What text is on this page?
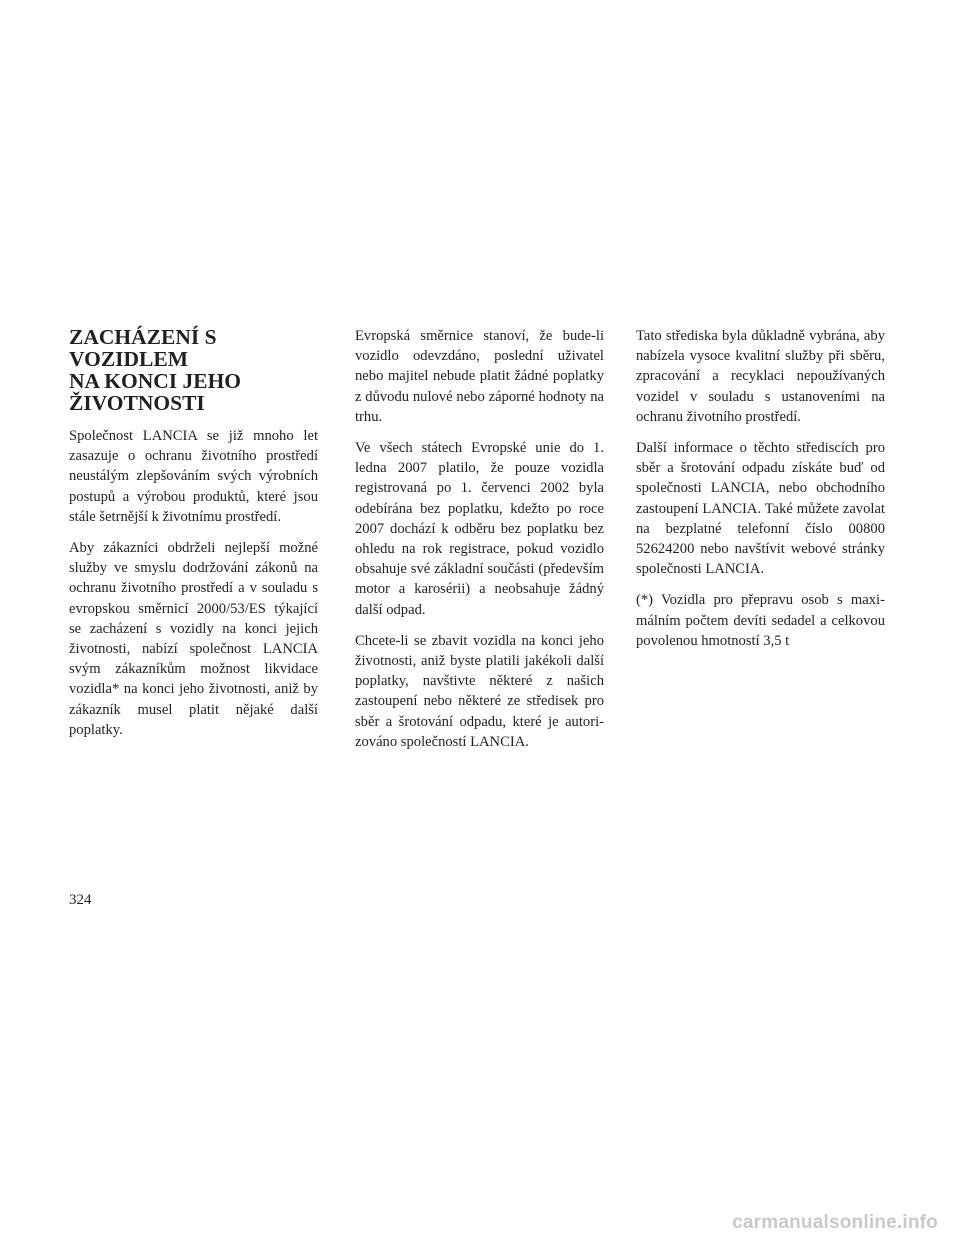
ZACHÁZENÍ S VOZIDLEM
NA KONCI JEHO
ŽIVOTNOSTI

Společnost LANCIA se již mnoho let zasazuje o ochranu životního prostředí neustálým zlepšováním svých výrobních postupů a výrobou produktů, které jsou stále šetrnější k životnímu prostředí.

Aby zákazníci obdrželi nejlepší možné služby ve smyslu dodržování zákonů na ochranu životního prostředí a v souladu s evropskou směrnicí 2000/53/ES týkající se zacházení s vozidly na konci jejich životnosti, nabízí společnost LANCIA svým zákazníkům možnost likvidace vozidla* na konci jeho životnosti, aniž by zákazník musel platit nějaké další poplatky.

Evropská směrnice stanoví, že bude-li vozidlo odevzdáno, poslední uživatel nebo majitel nebude platit žádné poplatky z důvodu nulové nebo záporné hodnoty na trhu.

Ve všech státech Evropské unie do 1. ledna 2007 platilo, že pouze vozidla registrovaná po 1. červenci 2002 byla odebírána bez poplatku, kdežto po roce 2007 dochází k odběru bez poplatku bez ohledu na rok registrace, pokud vozidlo obsahuje své základní součásti (především motor a karosérii) a neobsahuje žádný další odpad.

Chcete-li se zbavit vozidla na konci jeho životnosti, aniž byste platili jakékoli další poplatky, navštivte některé z našich zastoupení nebo některé ze středisek pro sběr a šrotování odpadu, které je autorizováno společností LANCIA.

Tato střediska byla důkladně vybrána, aby nabízela vysoce kvalitní služby při sběru, zpracování a recyklaci nepoužívaných vozidel v souladu s ustanoveními na ochranu životního prostředí.

Další informace o těchto střediscích pro sběr a šrotování odpadu získáte buď od společnosti LANCIA, nebo obchodního zastoupení LANCIA. Také můžete zavolat na bezplatné telefonní číslo 00800 52624200 nebo navštívit webové stránky společnosti LANCIA.

(*) Vozidla pro přepravu osob s maximálním počtem devíti sedadel a celkovou povolenou hmotností 3,5 t

324
carmanualsonline.info
